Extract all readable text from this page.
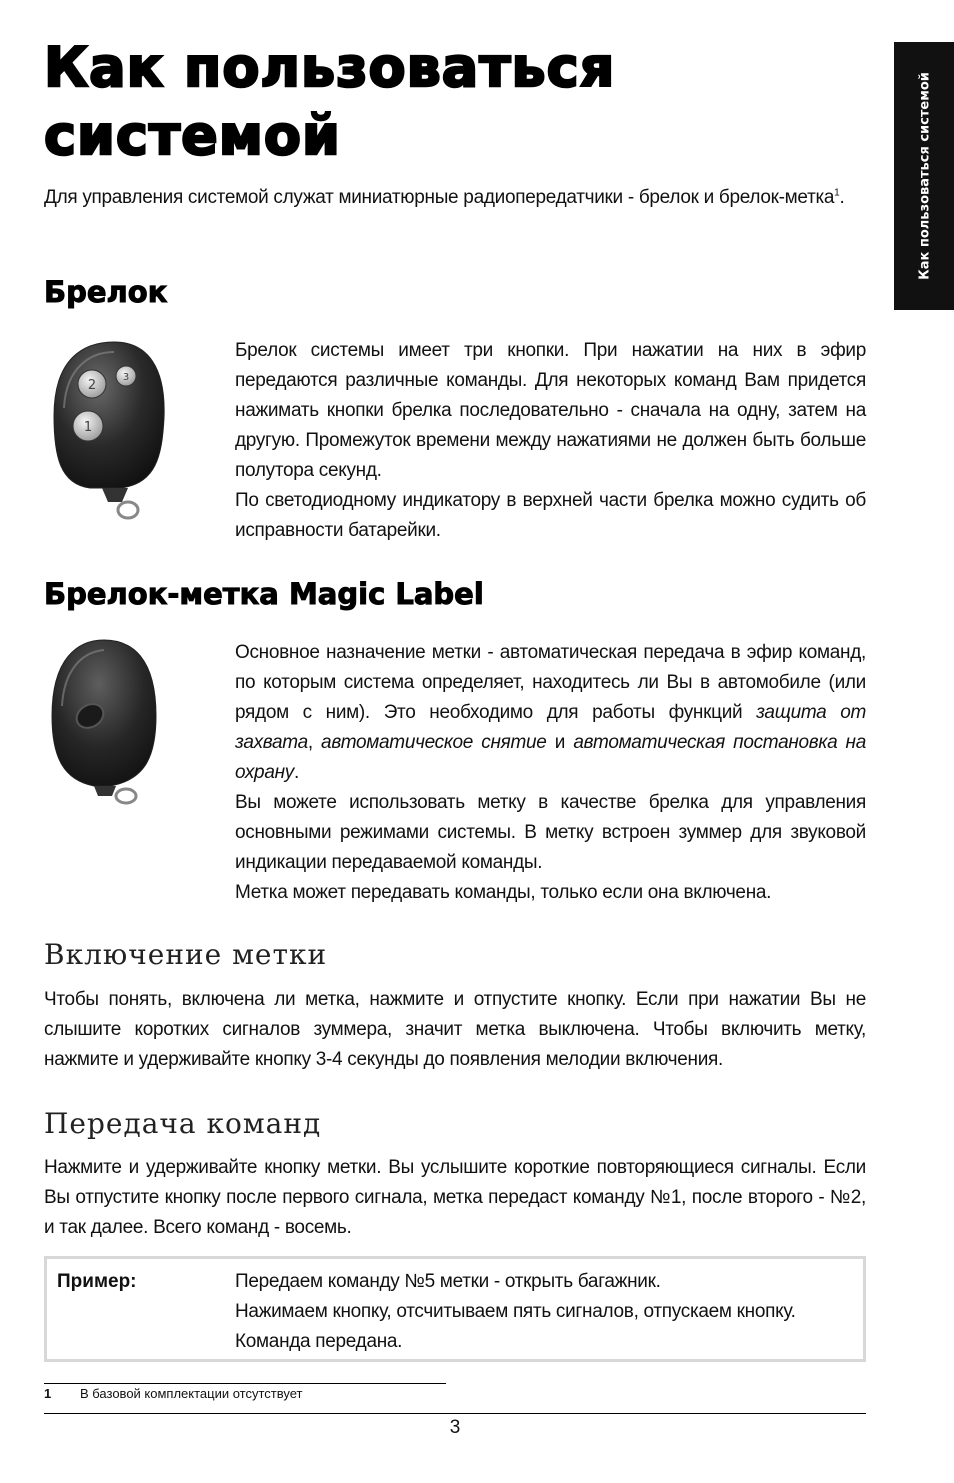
Как пользоваться системой
Как пользоваться системой

Для управления системой служат миниатюрные радиопередатчики - брелок и брелок-метка$^1$.

Брелок
2
3
1

Брелок системы имеет три кнопки. При нажатии на них в эфир передаются различные команды. Для некоторых команд Вам придется нажимать кнопки брелка последовательно - сначала на одну, затем на другую. Промежуток времени между нажатиями не должен быть больше полутора секунд.

По светодиодному индикатору в верхней части брелка можно судить об исправности батарейки.

Брелок-метка Magic Label

Основное назначение метки - автоматическая передача в эфир команд, по которым система определяет, находитесь ли Вы в автомобиле (или рядом с ним). Это необходимо для работы функций защита от захвата, автоматическое снятие и автоматическая постановка на охрану.

Вы можете использовать метку в качестве брелка для управления основными режимами системы. В метку встроен зуммер для звуковой индикации передаваемой команды.

Метка может передавать команды, только если она включена.

Включение метки

Чтобы понять, включена ли метка, нажмите и отпустите кнопку. Если при нажатии Вы не слышите коротких сигналов зуммера, значит метка выключена. Чтобы включить метку, нажмите и удерживайте кнопку 3-4 секунды до появления мелодии включения.

Передача команд

Нажмите и удерживайте кнопку метки. Вы услышите короткие повторяющиеся сигналы. Если Вы отпустите кнопку после первого сигнала, метка передаст команду №1, после второго - №2, и так далее. Всего команд - восемь.

Пример:	Передаем команду №5 метки - открыть багажник.
Нажимаем кнопку, отсчитываем пять сигналов, отпускаем кнопку.
Команда передана.
1 В базовой комплектации отсутствует
3
